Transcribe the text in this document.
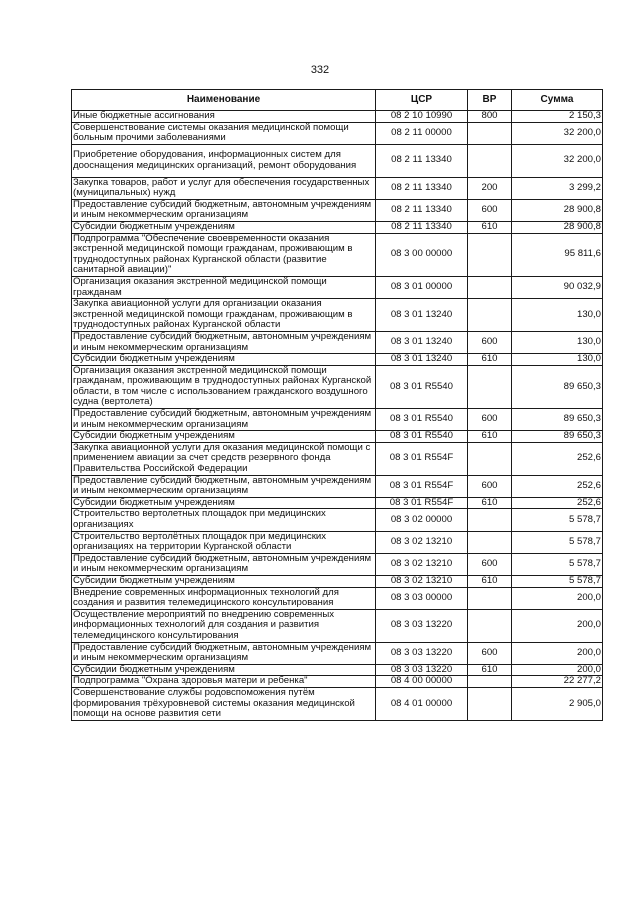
332
Наименование	ЦСР	ВР	Сумма
Иные бюджетные ассигнования	08 2 10 10990	800	2 150,3
Совершенствование системы оказания медицинской помощи больным прочими заболеваниями	08 2 11 00000		32 200,0
Приобретение оборудования, информационных систем для дооснащения медицинских организаций, ремонт оборудования	08 2 11 13340		32 200,0
Закупка товаров, работ и услуг для обеспечения государственных (муниципальных) нужд	08 2 11 13340	200	3 299,2
Предоставление субсидий бюджетным, автономным учреждениям и иным некоммерческим организациям	08 2 11 13340	600	28 900,8
Субсидии бюджетным учреждениям	08 2 11 13340	610	28 900,8
Подпрограмма "Обеспечение своевременности оказания экстренной медицинской помощи гражданам, проживающим в труднодоступных районах Курганской области (развитие санитарной авиации)"	08 3 00 00000		95 811,6
Организация оказания экстренной медицинской помощи гражданам	08 3 01 00000		90 032,9
Закупка авиационной услуги для организации оказания экстренной медицинской помощи гражданам, проживающим в труднодоступных районах Курганской области	08 3 01 13240		130,0
Предоставление субсидий бюджетным, автономным учреждениям и иным некоммерческим организациям	08 3 01 13240	600	130,0
Субсидии бюджетным учреждениям	08 3 01 13240	610	130,0
Организация оказания экстренной медицинской помощи гражданам, проживающим в труднодоступных районах Курганской области, в том числе с использованием гражданского воздушного судна (вертолета)	08 3 01 R5540		89 650,3
Предоставление субсидий бюджетным, автономным учреждениям и иным некоммерческим организациям	08 3 01 R5540	600	89 650,3
Субсидии бюджетным учреждениям	08 3 01 R5540	610	89 650,3
Закупка авиационной услуги для оказания медицинской помощи с применением авиации за счет средств резервного фонда Правительства Российской Федерации	08 3 01 R554F		252,6
Предоставление субсидий бюджетным, автономным учреждениям и иным некоммерческим организациям	08 3 01 R554F	600	252,6
Субсидии бюджетным учреждениям	08 3 01 R554F	610	252,6
Строительство вертолетных площадок при медицинских организациях	08 3 02 00000		5 578,7
Строительство вертолётных площадок при медицинских организациях на территории Курганской области	08 3 02 13210		5 578,7
Предоставление субсидий бюджетным, автономным учреждениям и иным некоммерческим организациям	08 3 02 13210	600	5 578,7
Субсидии бюджетным учреждениям	08 3 02 13210	610	5 578,7
Внедрение современных информационных технологий для создания и развития телемедицинского консультирования	08 3 03 00000		200,0
Осуществление мероприятий по внедрению современных информационных технологий для создания и развития телемедицинского консультирования	08 3 03 13220		200,0
Предоставление субсидий бюджетным, автономным учреждениям и иным некоммерческим организациям	08 3 03 13220	600	200,0
Субсидии бюджетным учреждениям	08 3 03 13220	610	200,0
Подпрограмма "Охрана здоровья матери и ребенка"	08 4 00 00000		22 277,2
Совершенствование службы родовспоможения путём формирования трёхуровневой системы оказания медицинской помощи на основе развития сети	08 4 01 00000		2 905,0
